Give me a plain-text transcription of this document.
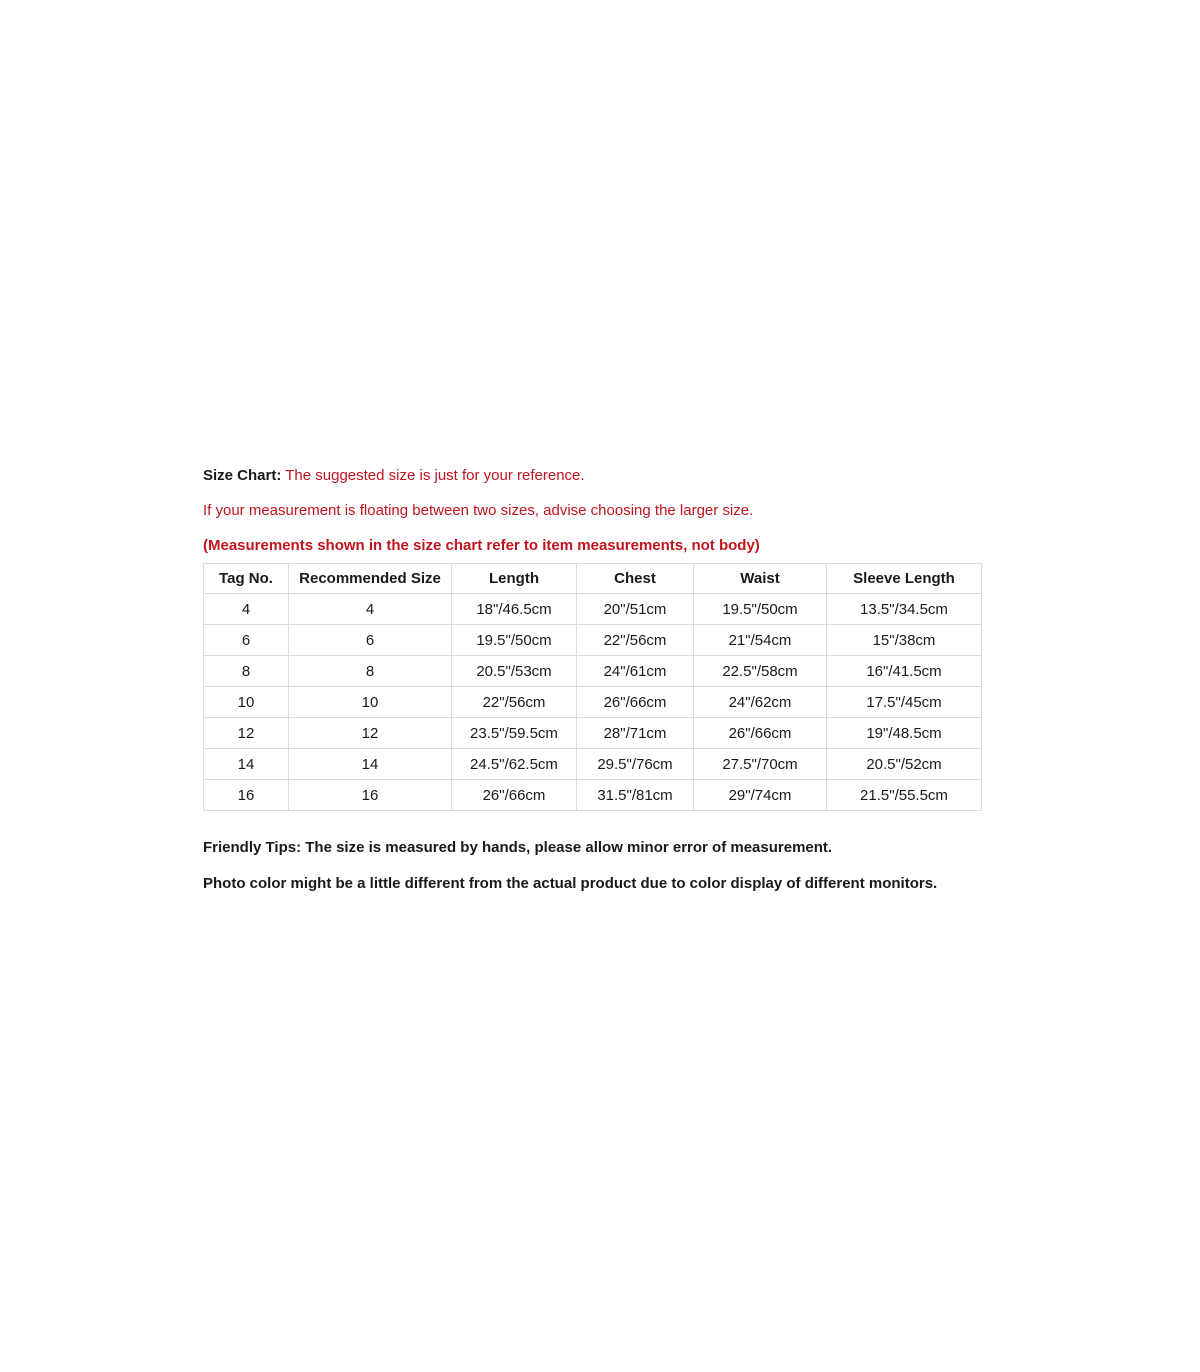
Size Chart: The suggested size is just for your reference.
If your measurement is floating between two sizes, advise choosing the larger size.
(Measurements shown in the size chart refer to item measurements, not body)
Tag No.	Recommended Size	Length	Chest	Waist	Sleeve Length
4	4	18"/46.5cm	20"/51cm	19.5"/50cm	13.5"/34.5cm
6	6	19.5"/50cm	22"/56cm	21"/54cm	15"/38cm
8	8	20.5"/53cm	24"/61cm	22.5"/58cm	16"/41.5cm
10	10	22"/56cm	26"/66cm	24"/62cm	17.5"/45cm
12	12	23.5"/59.5cm	28"/71cm	26"/66cm	19"/48.5cm
14	14	24.5"/62.5cm	29.5"/76cm	27.5"/70cm	20.5"/52cm
16	16	26"/66cm	31.5"/81cm	29"/74cm	21.5"/55.5cm
Friendly Tips: The size is measured by hands, please allow minor error of measurement.
Photo color might be a little different from the actual product due to color display of different monitors.
